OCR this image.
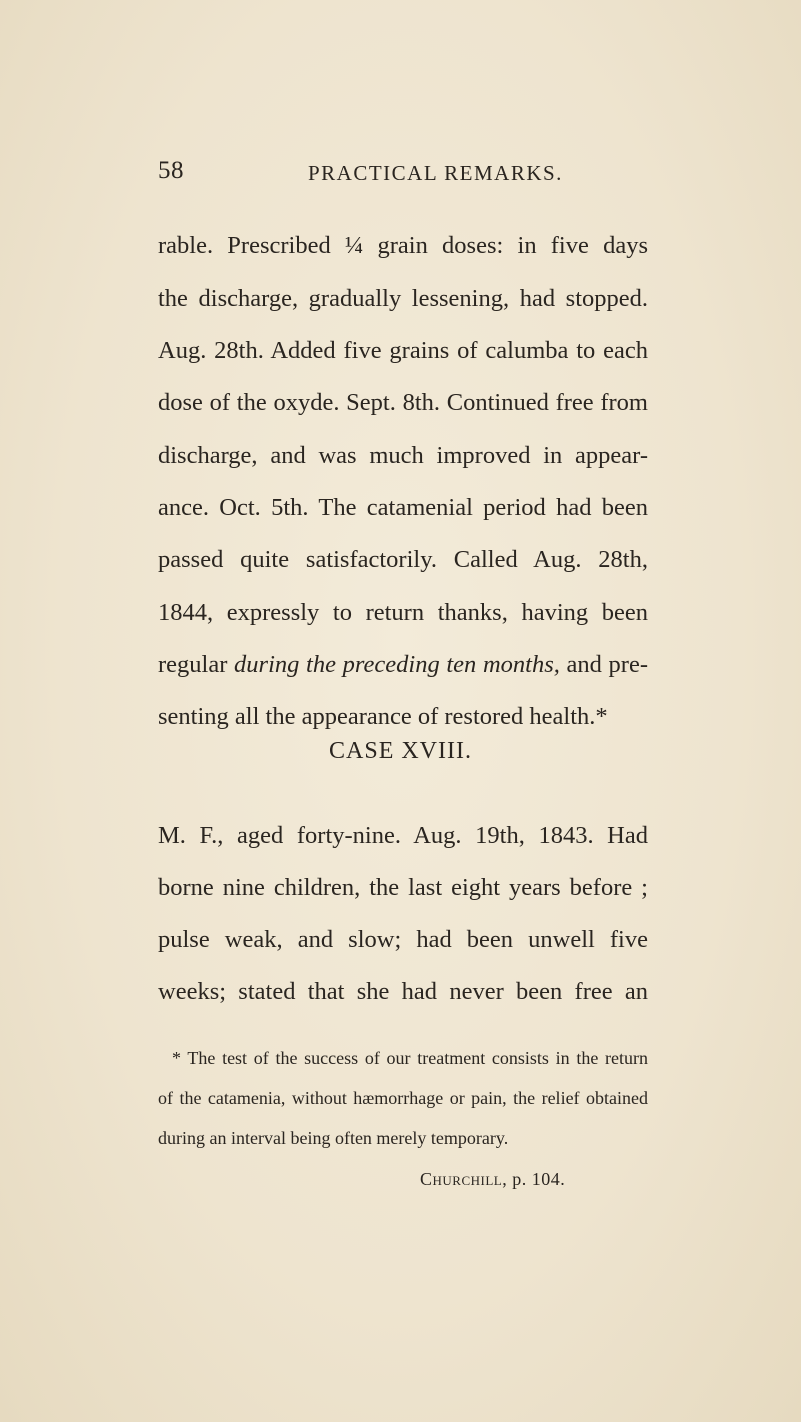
58	PRACTICAL REMARKS.
rable. Prescribed ¼ grain doses: in five days
the discharge, gradually lessening, had stopped.
Aug. 28th. Added five grains of calumba to each
dose of the oxyde. Sept. 8th. Continued free from
discharge, and was much improved in appear-
ance. Oct. 5th. The catamenial period had been
passed quite satisfactorily. Called Aug. 28th,
1844, expressly to return thanks, having been
regular during the preceding ten months, and pre-
senting all the appearance of restored health.*
CASE XVIII.
M. F., aged forty-nine. Aug. 19th, 1843. Had
borne nine children, the last eight years before ;
pulse weak, and slow; had been unwell five
weeks; stated that she had never been free an
* The test of the success of our treatment consists in the return
of the catamenia, without hæmorrhage or pain, the relief obtained
during an interval being often merely temporary.
Churchill, p. 104.
